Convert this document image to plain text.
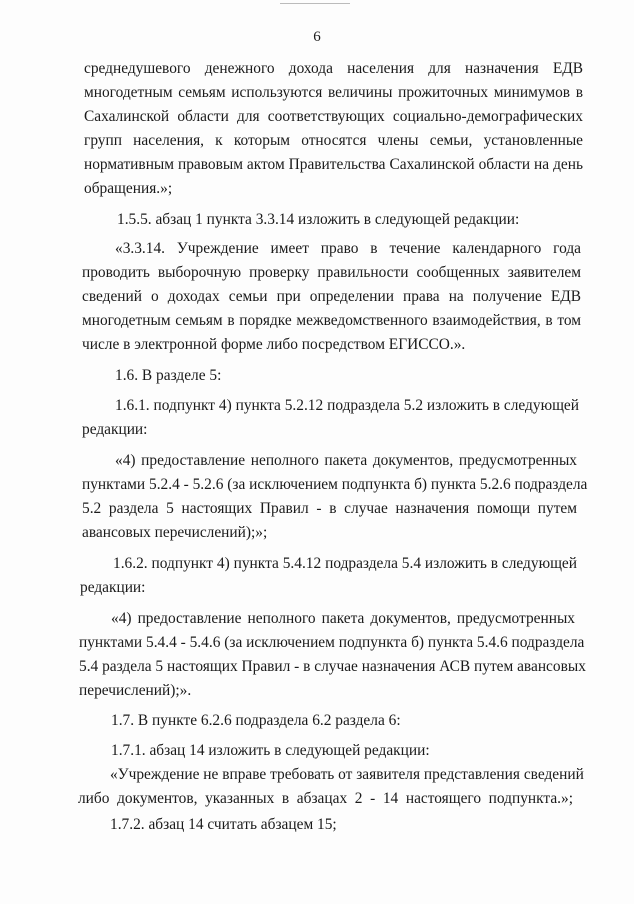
6
среднедушевого денежного дохода населения для назначения ЕДВ
многодетным семьям используются величины прожиточных минимумов в
Сахалинской области для соответствующих социально-демографических
групп населения, к которым относятся члены семьи, установленные
нормативным правовым актом Правительства Сахалинской области на день
обращения.»;
1.5.5. абзац 1 пункта 3.3.14 изложить в следующей редакции:
«3.3.14. Учреждение имеет право в течение календарного года
проводить выборочную проверку правильности сообщенных заявителем
сведений о доходах семьи при определении права на получение ЕДВ
многодетным семьям в порядке межведомственного взаимодействия, в том
числе в электронной форме либо посредством ЕГИССО.».
1.6. В разделе 5:
1.6.1. подпункт 4) пункта 5.2.12 подраздела 5.2 изложить в следующей
редакции:
«4) предоставление неполного пакета документов, предусмотренных
пунктами 5.2.4 - 5.2.6 (за исключением подпункта б) пункта 5.2.6 подраздела
5.2 раздела 5 настоящих Правил - в случае назначения помощи путем
авансовых перечислений);»;
1.6.2. подпункт 4) пункта 5.4.12 подраздела 5.4 изложить в следующей
редакции:
«4) предоставление неполного пакета документов, предусмотренных
пунктами 5.4.4 - 5.4.6 (за исключением подпункта б) пункта 5.4.6 подраздела
5.4 раздела 5 настоящих Правил - в случае назначения АСВ путем авансовых
перечислений);».
1.7. В пункте 6.2.6 подраздела 6.2 раздела 6:
1.7.1. абзац 14 изложить в следующей редакции:
«Учреждение не вправе требовать от заявителя представления сведений
либо документов, указанных в абзацах 2 - 14 настоящего подпункта.»;
1.7.2. абзац 14 считать абзацем 15;
